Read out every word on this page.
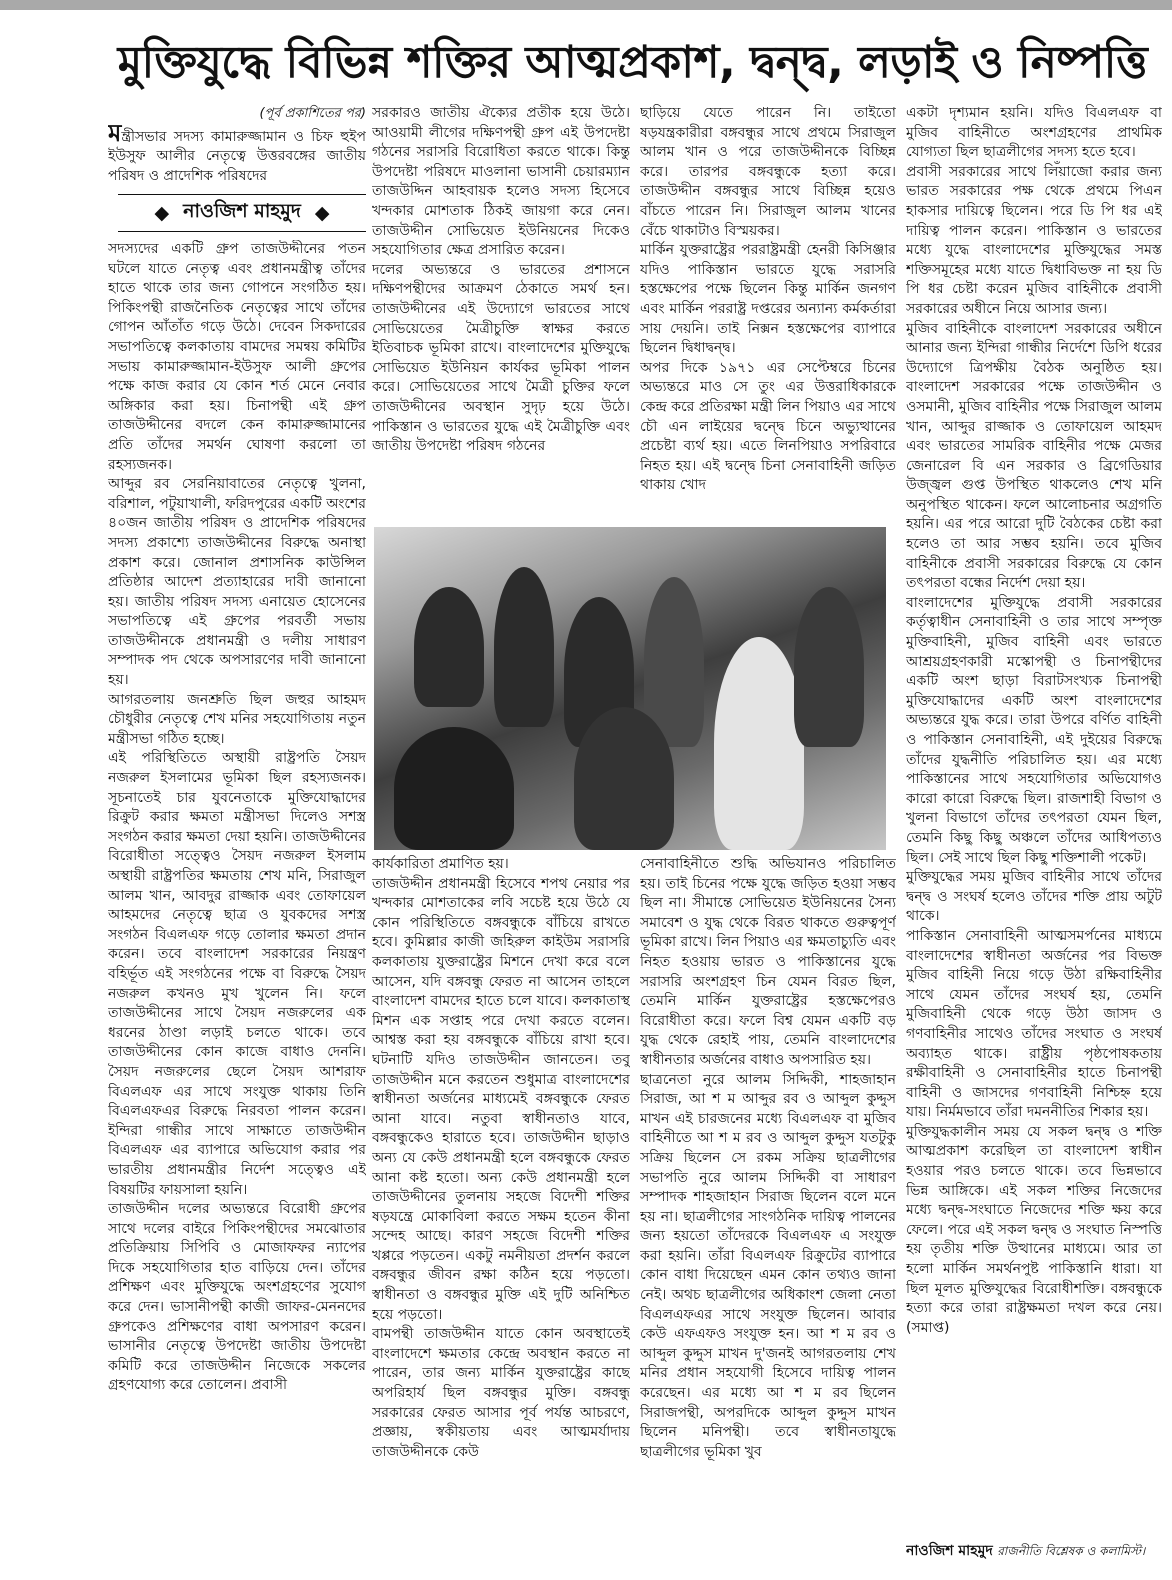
মুক্তিযুদ্ধে বিভিন্ন শক্তির আত্মপ্রকাশ, দ্বন্দ্ব, লড়াই ও নিষ্পত্তি

(পূর্ব প্রকাশিতের পর)

মন্ত্রীসভার সদস্য কামারুজ্জামান ও চিফ হুইপ ইউসুফ আলীর নেতৃত্বে উত্তরবঙ্গের জাতীয় পরিষদ ও প্রাদেশিক পরিষদের

◆ নাওজিশ মাহমুদ ◆

সদস্যদের একটি গ্রুপ তাজউদ্দীনের পতন ঘটলে যাতে নেতৃত্ব এবং প্রধানমন্ত্রীত্ব তাঁদের হাতে থাকে তার জন্য গোপনে সংগঠিত হয়। পিকিংপন্থী রাজনৈতিক নেতৃত্বের সাথে তাঁদের গোপন আঁতাঁত গড়ে উঠে। দেবেন সিকদারের সভাপতিত্বে কলকাতায় বামদের সমন্বয় কমিটির সভায় কামারুজ্জামান-ইউসুফ আলী গ্রুপের পক্ষে কাজ করার যে কোন শর্ত মেনে নেবার অঙ্গিকার করা হয়। চিনাপন্থী এই গ্রুপ তাজউদ্দীনের বদলে কেন কামারুজ্জামানের প্রতি তাঁদের সমর্থন ঘোষণা করলো তা রহস্যজনক।

আব্দুর রব সেরনিয়াবাতের নেতৃত্বে খুলনা, বরিশাল, পটুয়াখালী, ফরিদপুরের একটি অংশের ৪০জন জাতীয় পরিষদ ও প্রাদেশিক পরিষদের সদস্য প্রকাশ্যে তাজউদ্দীনের বিরুদ্ধে অনাস্থা প্রকাশ করে। জোনাল প্রশাসনিক কাউন্সিল প্রতিষ্ঠার আদেশ প্রত্যাহারের দাবী জানানো হয়। জাতীয় পরিষদ সদস্য এনায়েত হোসেনের সভাপতিত্বে এই গ্রুপের পরবর্তী সভায় তাজউদ্দীনকে প্রধানমন্ত্রী ও দলীয় সাধারণ সম্পাদক পদ থেকে অপসারণের দাবী জানানো হয়।

আগরতলায় জনশ্রুতি ছিল জহুর আহমদ চৌধুরীর নেতৃত্বে শেখ মনির সহযোগিতায় নতুন মন্ত্রীসভা গঠিত হচ্ছে।

এই পরিস্থিতিতে অস্থায়ী রাষ্ট্রপতি সৈয়দ নজরুল ইসলামের ভূমিকা ছিল রহস্যজনক। সূচনাতেই চার যুবনেতাকে মুক্তিযোদ্ধাদের রিক্রুট করার ক্ষমতা মন্ত্রীসভা দিলেও সশস্ত্র সংগঠন করার ক্ষমতা দেয়া হয়নি। তাজউদ্দীনের বিরোধীতা সত্ত্বেও সৈয়দ নজরুল ইসলাম অস্থায়ী রাষ্ট্রপতির ক্ষমতায় শেখ মনি, সিরাজুল আলম খান, আবদুর রাজ্জাক এবং তোফায়েল আহমদের নেতৃত্বে ছাত্র ও যুবকদের সশস্ত্র সংগঠন বিএলএফ গড়ে তোলার ক্ষমতা প্রদান করেন। তবে বাংলাদেশ সরকারের নিয়ন্ত্রণ বহির্ভূত এই সংগঠনের পক্ষে বা বিরুদ্ধে সৈয়দ নজরুল কখনও মুখ খুলেন নি। ফলে তাজউদ্দীনের সাথে সৈয়দ নজরুলের এক ধরনের ঠাণ্ডা লড়াই চলতে থাকে। তবে তাজউদ্দীনের কোন কাজে বাধাও দেননি। সৈয়দ নজরুলের ছেলে সৈয়দ আশরাফ বিএলএফ এর সাথে সংযুক্ত থাকায় তিনি বিএলএফএর বিরুদ্ধে নিরবতা পালন করেন। ইন্দিরা গান্ধীর সাথে সাক্ষাতে তাজউদ্দীন বিএলএফ এর ব্যাপারে অভিযোগ করার পর ভারতীয় প্রধানমন্ত্রীর নির্দেশ সত্ত্বেও এই বিষয়টির ফায়সালা হয়নি।

তাজউদ্দীন দলের অভ্যন্তরে বিরোধী গ্রুপের সাথে দলের বাইরে পিকিংপন্থীদের সমঝোতার প্রতিক্রিয়ায় সিপিবি ও মোজাফফর ন্যাপের দিকে সহযোগিতার হাত বাড়িয়ে দেন। তাঁদের প্রশিক্ষণ এবং মুক্তিযুদ্ধে অংশগ্রহণের সুযোগ করে দেন। ভাসানীপন্থী কাজী জাফর-মেননদের গ্রুপকেও প্রশিক্ষণের বাধা অপসারণ করেন। ভাসানীর নেতৃত্বে উপদেষ্টা জাতীয় উপদেষ্টা কমিটি করে তাজউদ্দীন নিজেকে সকলের গ্রহণযোগ্য করে তোলেন। প্রবাসী

সরকারও জাতীয় ঐক্যের প্রতীক হয়ে উঠে। আওয়ামী লীগের দক্ষিণপন্থী গ্রুপ এই উপদেষ্টা গঠনের সরাসরি বিরোধিতা করতে থাকে। কিন্তু উপদেষ্টা পরিষদে মাওলানা ভাসানী চেয়ারম্যান তাজউদ্দিন আহবায়ক হলেও সদস্য হিসেবে খন্দকার মোশতাক ঠিকই জায়গা করে নেন। তাজউদ্দীন সোভিয়েত ইউনিয়নের দিকেও সহযোগিতার ক্ষেত্র প্রসারিত করেন।

দলের অভ্যন্তরে ও ভারতের প্রশাসনে দক্ষিণপন্থীদের আক্রমণ ঠেকাতে সমর্থ হন। তাজউদ্দীনের এই উদ্যোগে ভারতের সাথে সোভিয়েতের মৈত্রীচুক্তি স্বাক্ষর করতে ইতিবাচক ভূমিকা রাখে। বাংলাদেশের মুক্তিযুদ্ধে সোভিয়েত ইউনিয়ন কার্যকর ভূমিকা পালন করে। সোভিয়েতের সাথে মৈত্রী চুক্তির ফলে তাজউদ্দীনের অবস্থান সুদৃঢ় হয়ে উঠে। পাকিস্তান ও ভারতের যুদ্ধে এই মৈত্রীচুক্তি এবং জাতীয় উপদেষ্টা পরিষদ গঠনের

ছাড়িয়ে যেতে পারেন নি। তাইতো ষড়যন্ত্রকারীরা বঙ্গবন্ধুর সাথে প্রথমে সিরাজুল আলম খান ও পরে তাজউদ্দীনকে বিচ্ছিন্ন করে। তারপর বঙ্গবন্ধুকে হত্যা করে। তাজউদ্দীন বঙ্গবন্ধুর সাথে বিচ্ছিন্ন হয়েও বাঁচতে পারেন নি। সিরাজুল আলম খানের বেঁচে থাকাটাও বিস্ময়কর।

মার্কিন যুক্তরাষ্ট্রের পররাষ্ট্রমন্ত্রী হেনরী কিসিঞ্জার যদিও পাকিস্তান ভারতে যুদ্ধে সরাসরি হস্তক্ষেপের পক্ষে ছিলেন কিন্তু মার্কিন জনগণ এবং মার্কিন পররাষ্ট্র দপ্তরের অন্যান্য কর্মকর্তারা সায় দেয়নি। তাই নিক্সন হস্তক্ষেপের ব্যাপারে ছিলেন দ্বিধাদ্বন্দ্ব।

অপর দিকে ১৯৭১ এর সেপ্টেম্বরে চিনের অভ্যন্তরে মাও সে তুং এর উত্তরাধিকারকে কেন্দ্র করে প্রতিরক্ষা মন্ত্রী লিন পিয়াও এর সাথে চৌ এন লাইয়ের দ্বন্দ্বে চিনে অভ্যুত্থানের প্রচেষ্টা ব্যর্থ হয়। এতে লিনপিয়াও সপরিবারে নিহত হয়। এই দ্বন্দ্বে চিনা সেনাবাহিনী জড়িত থাকায় খোদ

কার্যকারিতা প্রমাণিত হয়।

তাজউদ্দীন প্রধানমন্ত্রী হিসেবে শপথ নেয়ার পর খন্দকার মোশতাকের লবি সচেষ্ট হয়ে উঠে যে কোন পরিস্থিতিতে বঙ্গবন্ধুকে বাঁচিয়ে রাখতে হবে। কুমিল্লার কাজী জহিরুল কাইউম সরাসরি কলকাতায় যুক্তরাষ্ট্রের মিশনে দেখা করে বলে আসেন, যদি বঙ্গবন্ধু ফেরত না আসেন তাহলে বাংলাদেশ বামদের হাতে চলে যাবে। কলকাতাস্থ মিশন এক সপ্তাহ পরে দেখা করতে বলেন। আশ্বস্ত করা হয় বঙ্গবন্ধুকে বাঁচিয়ে রাখা হবে। ঘটনাটি যদিও তাজউদ্দীন জানতেন। তবু তাজউদ্দীন মনে করতেন শুধুমাত্র বাংলাদেশের স্বাধীনতা অর্জনের মাধ্যমেই বঙ্গবন্ধুকে ফেরত আনা যাবে। নতুবা স্বাধীনতাও যাবে, বঙ্গবন্ধুকেও হারাতে হবে। তাজউদ্দীন ছাড়াও অন্য যে কেউ প্রধানমন্ত্রী হলে বঙ্গবন্ধুকে ফেরত আনা কষ্ট হতো। অন্য কেউ প্রধানমন্ত্রী হলে তাজউদ্দীনের তুলনায় সহজে বিদেশী শক্তির ষড়যন্ত্রে মোকাবিলা করতে সক্ষম হতেন কীনা সন্দেহ আছে। কারণ সহজে বিদেশী শক্তির খপ্পরে পড়তেন। একটু নমনীয়তা প্রদর্শন করলে বঙ্গবন্ধুর জীবন রক্ষা কঠিন হয়ে পড়তো। স্বাধীনতা ও বঙ্গবন্ধুর মুক্তি এই দুটি অনিশ্চিত হয়ে পড়তো।

বামপন্থী তাজউদ্দীন যাতে কোন অবস্থাতেই বাংলাদেশে ক্ষমতার কেন্দ্রে অবস্থান করতে না পারেন, তার জন্য মার্কিন যুক্তরাষ্ট্রের কাছে অপরিহার্য ছিল বঙ্গবন্ধুর মুক্তি। বঙ্গবন্ধু সরকারের ফেরত আসার পূর্ব পর্যন্ত আচরণে, প্রজ্ঞায়, স্বকীয়তায় এবং আত্মমর্যাদায় তাজউদ্দীনকে কেউ

সেনাবাহিনীতে শুদ্ধি অভিযানও পরিচালিত হয়। তাই চিনের পক্ষে যুদ্ধে জড়িত হওয়া সম্ভব ছিল না। সীমান্তে সোভিয়েত ইউনিয়নের সৈন্য সমাবেশ ও যুদ্ধ থেকে বিরত থাকতে গুরুত্বপূর্ণ ভূমিকা রাখে। লিন পিয়াও এর ক্ষমতাচ্যুতি এবং নিহত হওয়ায় ভারত ও পাকিস্তানের যুদ্ধে সরাসরি অংশগ্রহণ চিন যেমন বিরত ছিল, তেমনি মার্কিন যুক্তরাষ্ট্রের হস্তক্ষেপেরও বিরোধীতা করে। ফলে বিশ্ব যেমন একটি বড় যুদ্ধ থেকে রেহাই পায়, তেমনি বাংলাদেশের স্বাধীনতার অর্জনের বাধাও অপসারিত হয়।

ছাত্রনেতা নুরে আলম সিদ্দিকী, শাহজাহান সিরাজ, আ শ ম আব্দুর রব ও আব্দুল কুদ্দুস মাখন এই চারজনের মধ্যে বিএলএফ বা মুজিব বাহিনীতে আ শ ম রব ও আব্দুল কুদ্দুস যতটুকু সক্রিয় ছিলেন সে রকম সক্রিয় ছাত্রলীগের সভাপতি নুরে আলম সিদ্দিকী বা সাধারণ সম্পাদক শাহজাহান সিরাজ ছিলেন বলে মনে হয় না। ছাত্রলীগের সাংগঠনিক দায়িত্ব পালনের জন্য হয়তো তাঁদেরকে বিএলএফ এ সংযুক্ত করা হয়নি। তাঁরা বিএলএফ রিক্রুটের ব্যাপারে কোন বাধা দিয়েছেন এমন কোন তথ্যও জানা নেই। অথচ ছাত্রলীগের অধিকাংশ জেলা নেতা বিএলএফএর সাথে সংযুক্ত ছিলেন। আবার কেউ এফএফও সংযুক্ত হন। আ শ ম রব ও আব্দুল কুদ্দুস মাখন দু'জনই আগরতলায় শেখ মনির প্রধান সহযোগী হিসেবে দায়িত্ব পালন করেছেন। এর মধ্যে আ শ ম রব ছিলেন সিরাজপন্থী, অপরদিকে আব্দুল কুদ্দুস মাখন ছিলেন মনিপন্থী। তবে স্বাধীনতাযুদ্ধে ছাত্রলীগের ভূমিকা খুব

একটা দৃশ্যমান হয়নি। যদিও বিএলএফ বা মুজিব বাহিনীতে অংশগ্রহণের প্রাথমিক যোগ্যতা ছিল ছাত্রলীগের সদস্য হতে হবে।

প্রবাসী সরকারের সাথে লিঁয়াজো করার জন্য ভারত সরকারের পক্ষ থেকে প্রথমে পিএন হাকসার দায়িত্বে ছিলেন। পরে ডি পি ধর এই দায়িত্ব পালন করেন। পাকিস্তান ও ভারতের মধ্যে যুদ্ধে বাংলাদেশের মুক্তিযুদ্ধের সমস্ত শক্তিসমূহের মধ্যে যাতে দ্বিধাবিভক্ত না হয় ডি পি ধর চেষ্টা করেন মুজিব বাহিনীকে প্রবাসী সরকারের অধীনে নিয়ে আসার জন্য।

মুজিব বাহিনীকে বাংলাদেশ সরকারের অধীনে আনার জন্য ইন্দিরা গান্ধীর নির্দেশে ডিপি ধরের উদ্যোগে ত্রিপক্ষীয় বৈঠক অনুষ্ঠিত হয়। বাংলাদেশ সরকারের পক্ষে তাজউদ্দীন ও ওসমানী, মুজিব বাহিনীর পক্ষে সিরাজুল আলম খান, আব্দুর রাজ্জাক ও তোফায়েল আহমদ এবং ভারতের সামরিক বাহিনীর পক্ষে মেজর জেনারেল বি এন সরকার ও ব্রিগেডিয়ার উজ্জ্বল গুপ্ত উপস্থিত থাকলেও শেখ মনি অনুপস্থিত থাকেন। ফলে আলোচনার অগ্রগতি হয়নি। এর পরে আরো দুটি বৈঠকের চেষ্টা করা হলেও তা আর সম্ভব হয়নি। তবে মুজিব বাহিনীকে প্রবাসী সরকারের বিরুদ্ধে যে কোন তৎপরতা বন্ধের নির্দেশ দেয়া হয়।

বাংলাদেশের মুক্তিযুদ্ধে প্রবাসী সরকারের কর্তৃত্বাধীন সেনাবাহিনী ও তার সাথে সম্পৃক্ত মুক্তিবাহিনী, মুজিব বাহিনী এবং ভারতে আশ্রয়গ্রহণকারী মস্কোপন্থী ও চিনাপন্থীদের একটি অংশ ছাড়া বিরাটসংখ্যক চিনাপন্থী মুক্তিযোদ্ধাদের একটি অংশ বাংলাদেশের অভ্যন্তরে যুদ্ধ করে। তারা উপরে বর্ণিত বাহিনী ও পাকিস্তান সেনাবাহিনী, এই দুইয়ের বিরুদ্ধে তাঁদের যুদ্ধনীতি পরিচালিত হয়। এর মধ্যে পাকিস্তানের সাথে সহযোগিতার অভিযোগও কারো কারো বিরুদ্ধে ছিল। রাজশাহী বিভাগ ও খুলনা বিভাগে তাঁদের তৎপরতা যেমন ছিল, তেমনি কিছু কিছু অঞ্চলে তাঁদের আধিপত্যও ছিল। সেই সাথে ছিল কিছু শক্তিশালী পকেট।

মুক্তিযুদ্ধের সময় মুজিব বাহিনীর সাথে তাঁদের দ্বন্দ্ব ও সংঘর্ষ হলেও তাঁদের শক্তি প্রায় অটুট থাকে।

পাকিস্তান সেনাবাহিনী আত্মসমর্পনের মাধ্যমে বাংলাদেশের স্বাধীনতা অর্জনের পর বিভক্ত মুজিব বাহিনী নিয়ে গড়ে উঠা রক্ষিবাহিনীর সাথে যেমন তাঁদের সংঘর্ষ হয়, তেমনি মুজিবাহিনী থেকে গড়ে উঠা জাসদ ও গণবাহিনীর সাথেও তাঁদের সংঘাত ও সংঘর্ষ অব্যাহত থাকে। রাষ্ট্রীয় পৃষ্ঠপোষকতায় রক্ষীবাহিনী ও সেনাবাহিনীর হাতে চিনাপন্থী বাহিনী ও জাসদের গণবাহিনী নিশ্চিহ্ন হয়ে যায়। নির্মমভাবে তাঁরা দমননীতির শিকার হয়।

মুক্তিযুদ্ধকালীন সময় যে সকল দ্বন্দ্ব ও শক্তি আত্মপ্রকাশ করেছিল তা বাংলাদেশ স্বাধীন হওয়ার পরও চলতে থাকে। তবে ভিন্নভাবে ভিন্ন আঙ্গিকে। এই সকল শক্তির নিজেদের মধ্যে দ্বন্দ্ব-সংঘাতে নিজেদের শক্তি ক্ষয় করে ফেলে। পরে এই সকল দ্বন্দ্ব ও সংঘাত নিস্পত্তি হয় তৃতীয় শক্তি উত্থানের মাধ্যমে। আর তা হলো মার্কিন সমর্থনপুষ্ট পাকিস্তানি ধারা। যা ছিল মূলত মুক্তিযুদ্ধের বিরোধীশক্তি। বঙ্গবন্ধুকে হত্যা করে তারা রাষ্ট্রক্ষমতা দখল করে নেয়। (সমাপ্ত)

নাওজিশ মাহমুদ রাজনীতি বিশ্লেষক ও কলামিস্ট।
